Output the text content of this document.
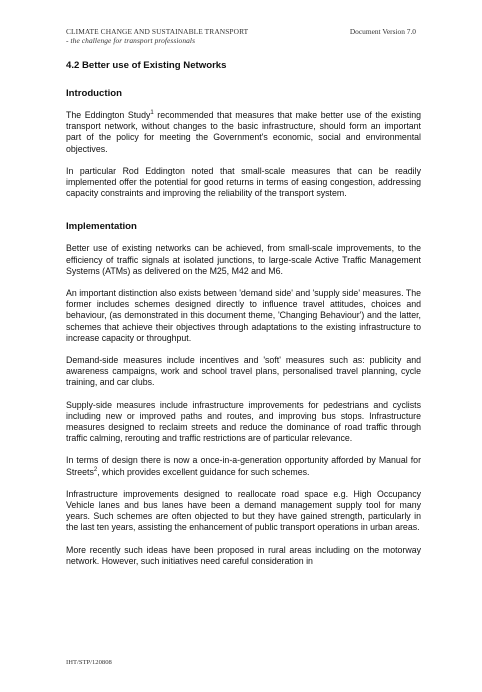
CLIMATE CHANGE AND SUSTAINABLE TRANSPORT
- the challenge for transport professionals
Document Version 7.0
4.2 Better use of Existing Networks
Introduction

The Eddington Study$^1$ recommended that measures that make better use of the existing transport network, without changes to the basic infrastructure, should form an important part of the policy for meeting the Government's economic, social and environmental objectives.

In particular Rod Eddington noted that small-scale measures that can be readily implemented offer the potential for good returns in terms of easing congestion, addressing capacity constraints and improving the reliability of the transport system.

Implementation

Better use of existing networks can be achieved, from small-scale improvements, to the efficiency of traffic signals at isolated junctions, to large-scale Active Traffic Management Systems (ATMs) as delivered on the M25, M42 and M6.

An important distinction also exists between 'demand side' and 'supply side' measures. The former includes schemes designed directly to influence travel attitudes, choices and behaviour, (as demonstrated in this document theme, 'Changing Behaviour') and the latter, schemes that achieve their objectives through adaptations to the existing infrastructure to increase capacity or throughput.

Demand-side measures include incentives and 'soft' measures such as: publicity and awareness campaigns, work and school travel plans, personalised travel planning, cycle training, and car clubs.

Supply-side measures include infrastructure improvements for pedestrians and cyclists including new or improved paths and routes, and improving bus stops. Infrastructure measures designed to reclaim streets and reduce the dominance of road traffic through traffic calming, rerouting and traffic restrictions are of particular relevance.

In terms of design there is now a once-in-a-generation opportunity afforded by Manual for Streets$^2$, which provides excellent guidance for such schemes.

Infrastructure improvements designed to reallocate road space e.g. High Occupancy Vehicle lanes and bus lanes have been a demand management supply tool for many years. Such schemes are often objected to but they have gained strength, particularly in the last ten years, assisting the enhancement of public transport operations in urban areas.

More recently such ideas have been proposed in rural areas including on the motorway network. However, such initiatives need careful consideration in

IHT/STP/120808
